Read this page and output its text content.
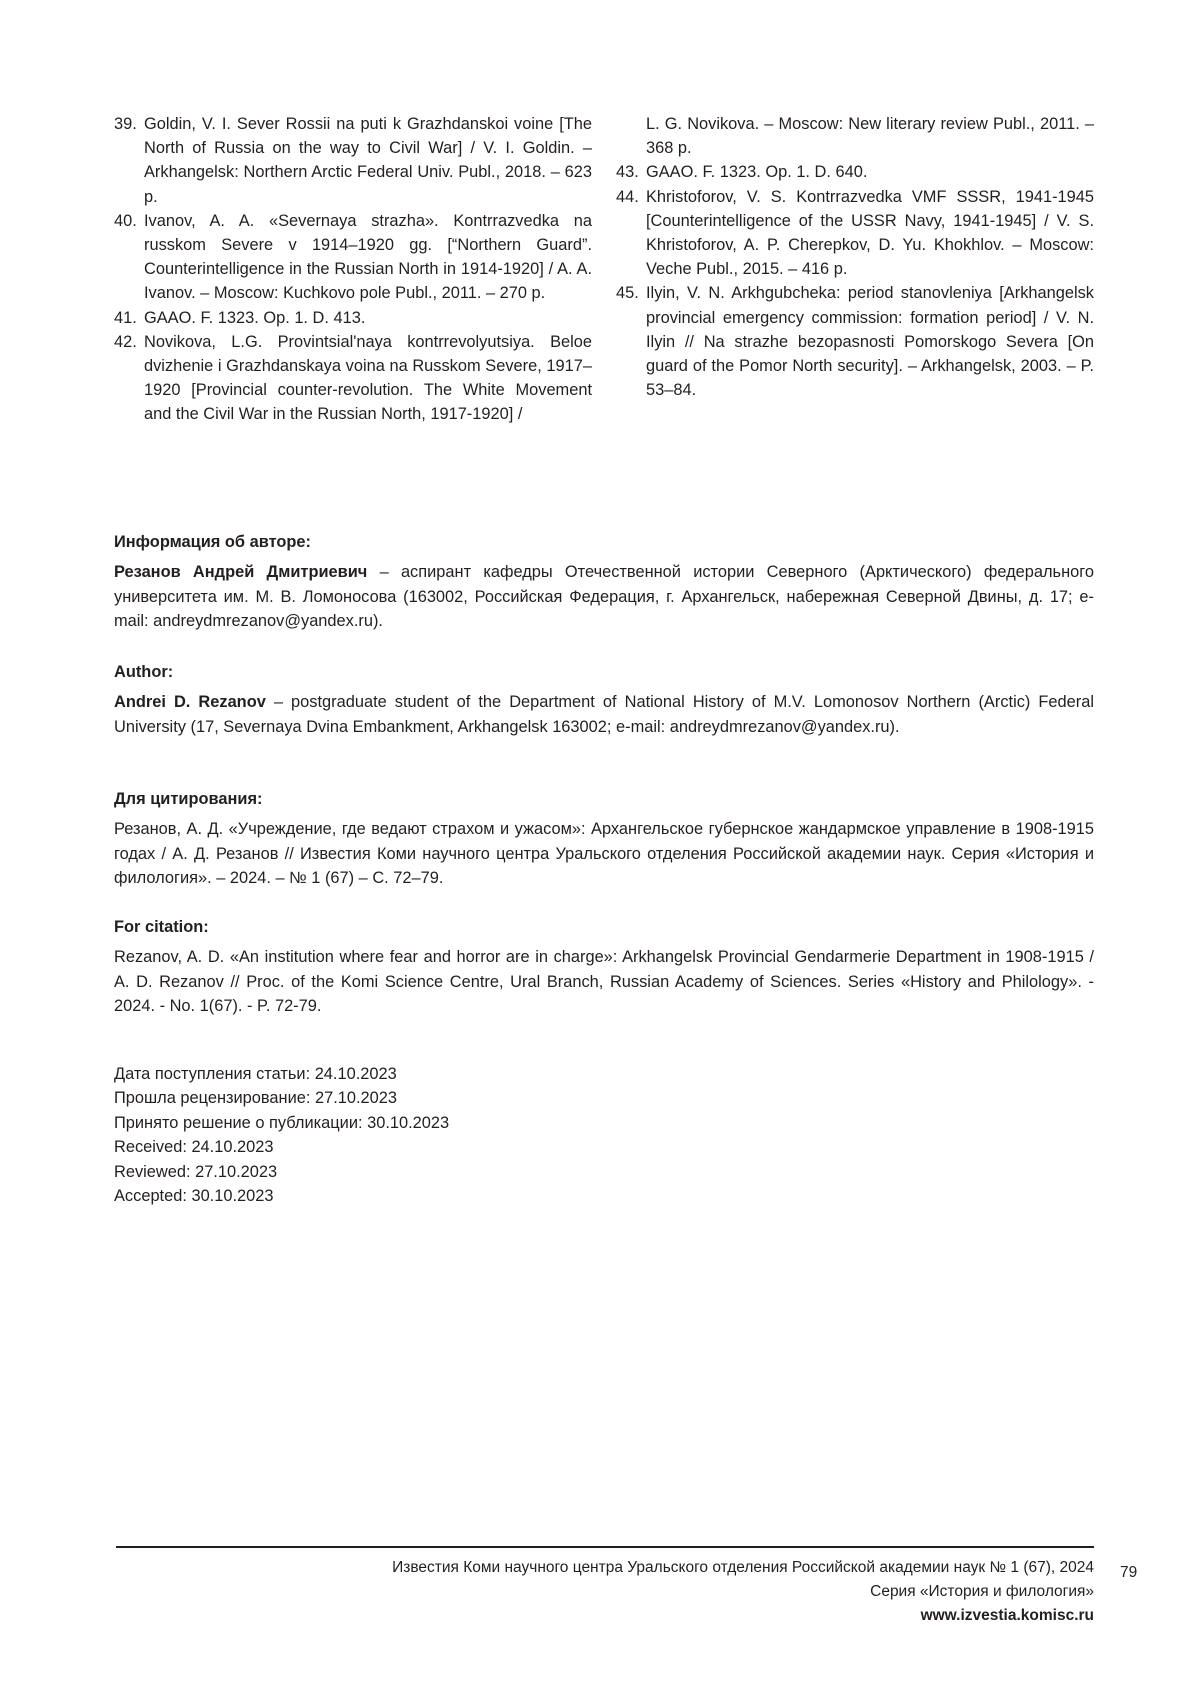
39. Goldin, V. I. Sever Rossii na puti k Grazhdanskoi voine [The North of Russia on the way to Civil War] / V. I. Goldin. – Arkhangelsk: Northern Arctic Federal Univ. Publ., 2018. – 623 p.
40. Ivanov, A. A. «Severnaya strazha». Kontrrazvedka na russkom Severe v 1914–1920 gg. [“Northern Guard”. Counterintelligence in the Russian North in 1914-1920] / A. A. Ivanov. – Moscow: Kuchkovo pole Publ., 2011. – 270 p.
41. GAAO. F. 1323. Op. 1. D. 413.
42. Novikova, L.G. Provintsial'naya kontrrevolyutsiya. Beloe dvizhenie i Grazhdanskaya voina na Russkom Severe, 1917–1920 [Provincial counter-revolution. The White Movement and the Civil War in the Russian North, 1917-1920] /
L. G. Novikova. – Moscow: New literary review Publ., 2011. – 368 p.
43. GAAO. F. 1323. Op. 1. D. 640.
44. Khristoforov, V. S. Kontrrazvedka VMF SSSR, 1941-1945 [Counterintelligence of the USSR Navy, 1941-1945] / V. S. Khristoforov, A. P. Cherepkov, D. Yu. Khokhlov. – Moscow: Veche Publ., 2015. – 416 p.
45. Ilyin, V. N. Arkhgubcheka: period stanovleniya [Arkhangelsk provincial emergency commission: formation period] / V. N. Ilyin // Na strazhe bezopasnosti Pomorskogo Severa [On guard of the Pomor North security]. – Arkhangelsk, 2003. – P. 53–84.
Информация об авторе:

Резанов Андрей Дмитриевич – аспирант кафедры Отечественной истории Северного (Арктического) федерального университета им. М. В. Ломоносова (163002, Российская Федерация, г. Архангельск, набережная Северной Двины, д. 17; e-mail: andreydmrezanov@yandex.ru).

Author:

Andrei D. Rezanov – postgraduate student of the Department of National History of M.V. Lomonosov Northern (Arctic) Federal University (17, Severnaya Dvina Embankment, Arkhangelsk 163002; e-mail: andreydmrezanov@yandex.ru).

Для цитирования:

Резанов, А. Д. «Учреждение, где ведают страхом и ужасом»: Архангельское губернское жандармское управление в 1908-1915 годах / А. Д. Резанов // Известия Коми научного центра Уральского отделения Российской академии наук. Серия «История и филология». – 2024. – № 1 (67) – С. 72–79.

For citation:

Rezanov, A. D. «An institution where fear and horror are in charge»: Arkhangelsk Provincial Gendarmerie Department in 1908-1915 / A. D. Rezanov // Proc. of the Komi Science Centre, Ural Branch, Russian Academy of Sciences. Series «History and Philology». - 2024. - No. 1(67). - P. 72-79.

Дата поступления статьи: 24.10.2023
Прошла рецензирование: 27.10.2023
Принято решение о публикации: 30.10.2023
Received: 24.10.2023
Reviewed: 27.10.2023
Accepted: 30.10.2023
Известия Коми научного центра Уральского отделения Российской академии наук № 1 (67), 2024
Серия «История и филология»
www.izvestia.komisc.ru
79
